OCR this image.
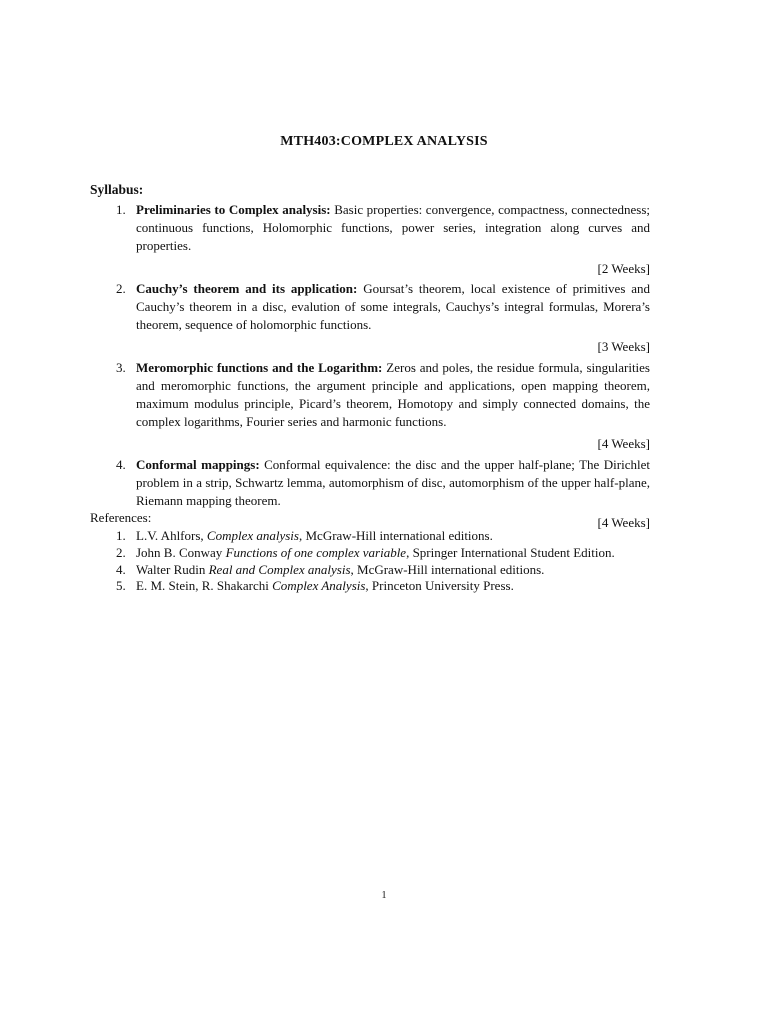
MTH403:COMPLEX ANALYSIS
Syllabus:
1. Preliminaries to Complex analysis: Basic properties: convergence, compactness, connectedness; continuous functions, Holomorphic functions, power series, integration along curves and properties.
[2 Weeks]
2. Cauchy’s theorem and its application: Goursat’s theorem, local existence of primitives and Cauchy’s theorem in a disc, evalution of some integrals, Cauchys’s integral formulas, Morera’s theorem, sequence of holomorphic functions.
[3 Weeks]
3. Meromorphic functions and the Logarithm: Zeros and poles, the residue formula, singularities and meromorphic functions, the argument principle and applications, open mapping theorem, maximum modulus principle, Picard’s theorem, Homotopy and simply connected domains, the complex logarithms, Fourier series and harmonic functions.
[4 Weeks]
4. Conformal mappings: Conformal equivalence: the disc and the upper half-plane; The Dirichlet problem in a strip, Schwartz lemma, automorphism of disc, automorphism of the upper half-plane, Riemann mapping theorem.
[4 Weeks]
References:
1. L.V. Ahlfors, Complex analysis, McGraw-Hill international editions.
2. John B. Conway Functions of one complex variable, Springer International Student Edition.
4. Walter Rudin Real and Complex analysis, McGraw-Hill international editions.
5. E. M. Stein, R. Shakarchi Complex Analysis, Princeton University Press.
1
